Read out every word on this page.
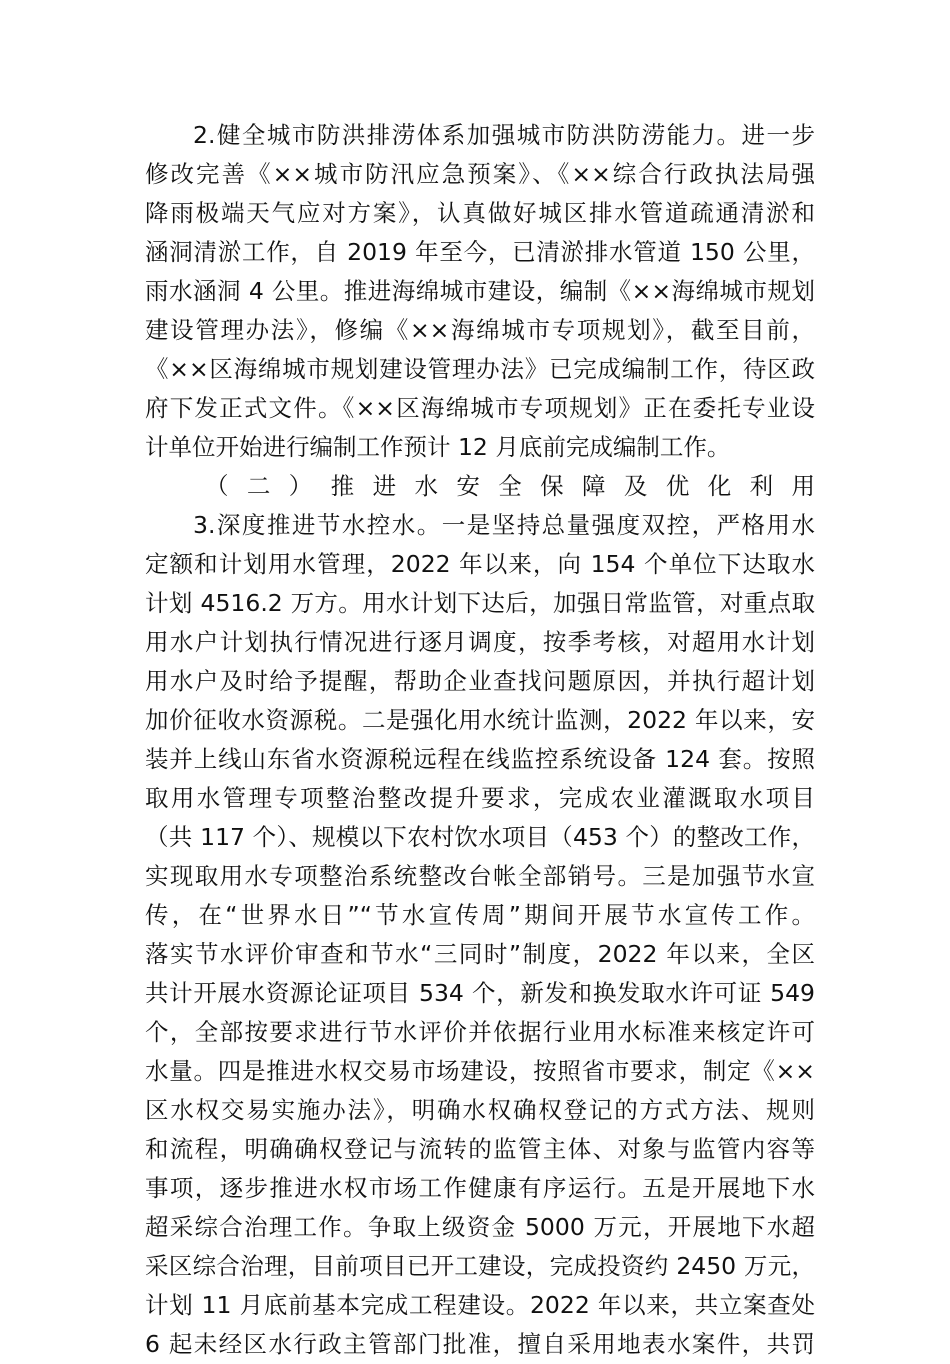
2.健全城市防洪排涝体系加强城市防洪防涝能力。进一步
修改完善《××城市防汛应急预案》、《××综合行政执法局强
降雨极端天气应对方案》，认真做好城区排水管道疏通清淤和
涵洞清淤工作，自 2019 年至今，已清淤排水管道 150 公里，
雨水涵洞 4 公里。推进海绵城市建设，编制《××海绵城市规划
建设管理办法》，修编《××海绵城市专项规划》，截至目前，
《××区海绵城市规划建设管理办法》已完成编制工作，待区政
府下发正式文件。《××区海绵城市专项规划》正在委托专业设
计单位开始进行编制工作预计 12 月底前完成编制工作。
（二）推进水安全保障及优化利用
3.深度推进节水控水。一是坚持总量强度双控，严格用水
定额和计划用水管理，2022 年以来，向 154 个单位下达取水
计划 4516.2 万方。用水计划下达后，加强日常监管，对重点取
用水户计划执行情况进行逐月调度，按季考核，对超用水计划
用水户及时给予提醒，帮助企业查找问题原因，并执行超计划
加价征收水资源税。二是强化用水统计监测，2022 年以来，安
装并上线山东省水资源税远程在线监控系统设备 124 套。按照
取用水管理专项整治整改提升要求，完成农业灌溉取水项目
（共 117 个）、规模以下农村饮水项目（453 个）的整改工作，
实现取用水专项整治系统整改台帐全部销号。三是加强节水宣
传，在“世界水日”“节水宣传周”期间开展节水宣传工作。
落实节水评价审查和节水“三同时”制度，2022 年以来，全区
共计开展水资源论证项目 534 个，新发和换发取水许可证 549
个，全部按要求进行节水评价并依据行业用水标准来核定许可
水量。四是推进水权交易市场建设，按照省市要求，制定《××
区水权交易实施办法》，明确水权确权登记的方式方法、规则
和流程，明确确权登记与流转的监管主体、对象与监管内容等
事项，逐步推进水权市场工作健康有序运行。五是开展地下水
超采综合治理工作。争取上级资金 5000 万元，开展地下水超
采区综合治理，目前项目已开工建设，完成投资约 2450 万元，
计划 11 月底前基本完成工程建设。2022 年以来，共立案查处
6 起未经区水行政主管部门批准，擅自采用地表水案件，共罚
